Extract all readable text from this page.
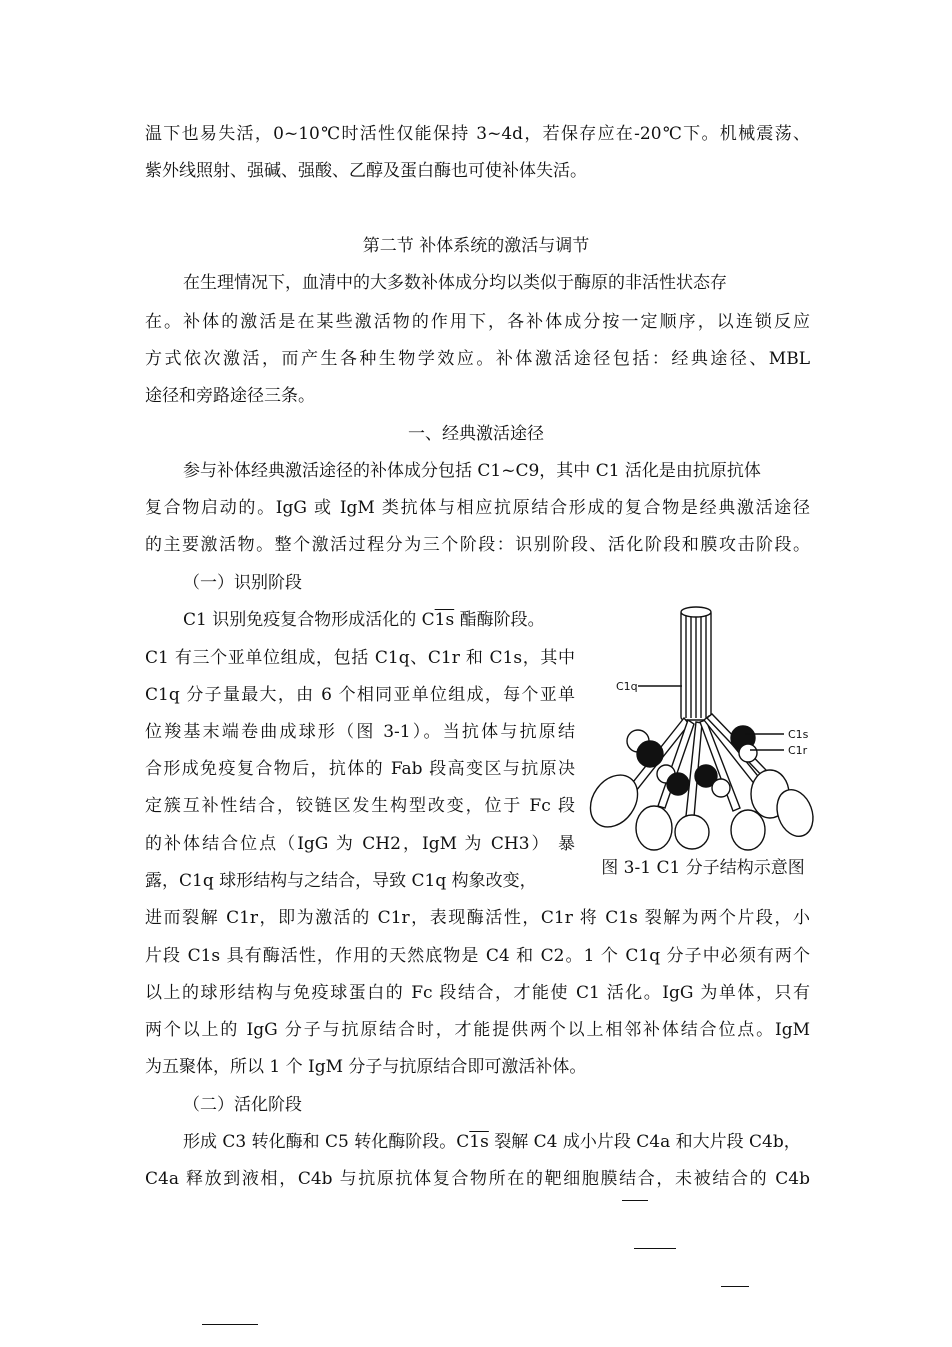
温下也易失活，0~10℃时活性仅能保持 3~4d，若保存应在-20℃下。机械震荡、
紫外线照射、强碱、强酸、乙醇及蛋白酶也可使补体失活。
第二节 补体系统的激活与调节
在生理情况下，血清中的大多数补体成分均以类似于酶原的非活性状态存
在。补体的激活是在某些激活物的作用下，各补体成分按一定顺序，以连锁反应
方式依次激活，而产生各种生物学效应。补体激活途径包括：经典途径、MBL
途径和旁路途径三条。
一、经典激活途径
参与补体经典激活途径的补体成分包括 C1~C9，其中 C1 活化是由抗原抗体
复合物启动的。IgG 或 IgM 类抗体与相应抗原结合形成的复合物是经典激活途径
的主要激活物。整个激活过程分为三个阶段：识别阶段、活化阶段和膜攻击阶段。
（一）识别阶段
C1 识别免疫复合物形成活化的 C1s 酯酶阶段。
C1 有三个亚单位组成，包括 C1q、C1r 和 C1s，其中
C1q 分子量最大，由 6 个相同亚单位组成，每个亚单
位羧基末端卷曲成球形（图 3-1）。当抗体与抗原结
合形成免疫复合物后，抗体的 Fab 段高变区与抗原决
定簇互补性结合，铰链区发生构型改变，位于 Fc 段
的补体结合位点（IgG 为 CH2，IgM 为 CH3） 暴
露，C1q 球形结构与之结合，导致 C1q 构象改变，
进而裂解 C1r，即为激活的 C1r，表现酶活性，C1r 将 C1s 裂解为两个片段，小
片段 C1s 具有酶活性，作用的天然底物是 C4 和 C2。1 个 C1q 分子中必须有两个
以上的球形结构与免疫球蛋白的 Fc 段结合，才能使 C1 活化。IgG 为单体，只有
两个以上的 IgG 分子与抗原结合时，才能提供两个以上相邻补体结合位点。IgM
为五聚体，所以 1 个 IgM 分子与抗原结合即可激活补体。
（二）活化阶段
形成 C3 转化酶和 C5 转化酶阶段。C1s 裂解 C4 成小片段 C4a 和大片段 C4b，
C4a 释放到液相，C4b 与抗原抗体复合物所在的靶细胞膜结合，未被结合的 C4b
C1q
C1s
C1r
图 3-1 C1 分子结构示意图
